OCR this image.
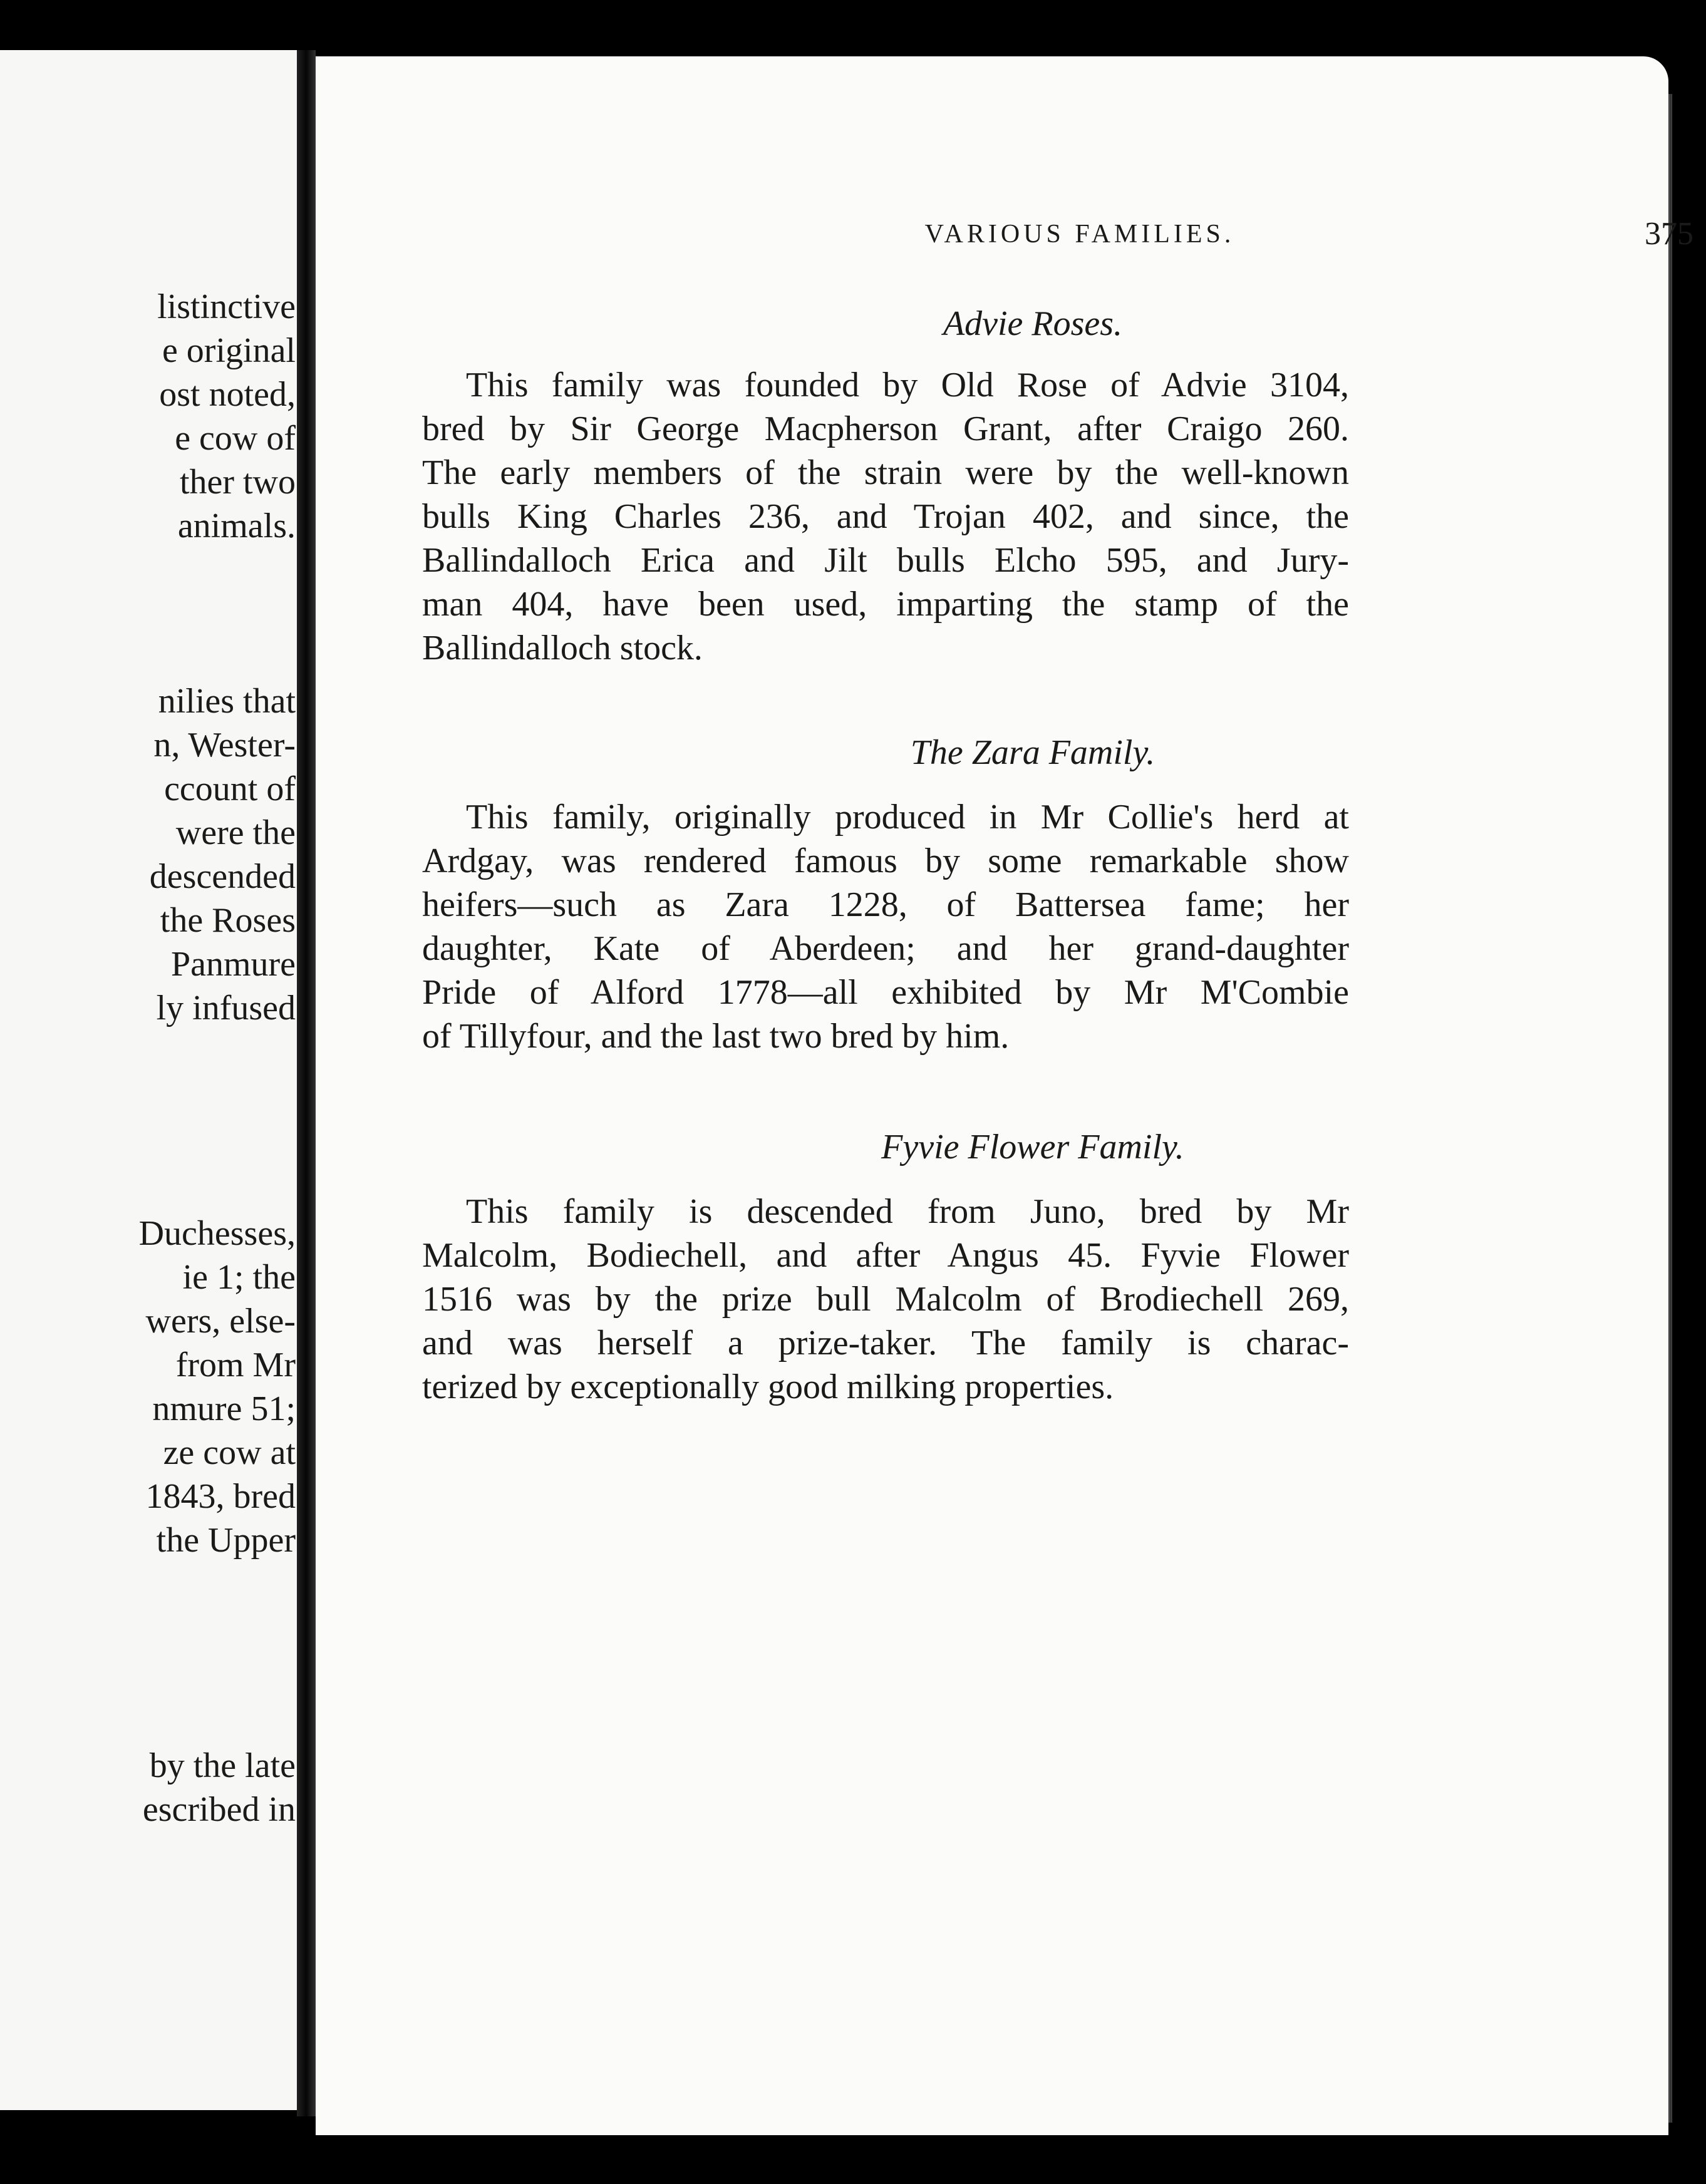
listinctive

e original

ost noted,

e cow of

ther two

animals.

nilies that

n, Wester-

ccount of

were the

descended

the Roses

Panmure

ly infused

Duchesses,

ie 1; the

wers, else-

from Mr

nmure 51;

ze cow at

1843, bred

the Upper

by the late

escribed in

VARIOUS FAMILIES.	375
Advie Roses.
This family was founded by Old Rose of Advie 3104,
bred by Sir George Macpherson Grant, after Craigo 260.
The early members of the strain were by the well-known
bulls King Charles 236, and Trojan 402, and since, the
Ballindalloch Erica and Jilt bulls Elcho 595, and Jury-
man 404, have been used, imparting the stamp of the
Ballindalloch stock.
The Zara Family.
This family, originally produced in Mr Collie's herd at
Ardgay, was rendered famous by some remarkable show
heifers—such as Zara 1228, of Battersea fame; her
daughter, Kate of Aberdeen; and her grand-daughter
Pride of Alford 1778—all exhibited by Mr M'Combie
of Tillyfour, and the last two bred by him.
Fyvie Flower Family.
This family is descended from Juno, bred by Mr
Malcolm, Bodiechell, and after Angus 45. Fyvie Flower
1516 was by the prize bull Malcolm of Brodiechell 269,
and was herself a prize-taker. The family is charac-
terized by exceptionally good milking properties.
